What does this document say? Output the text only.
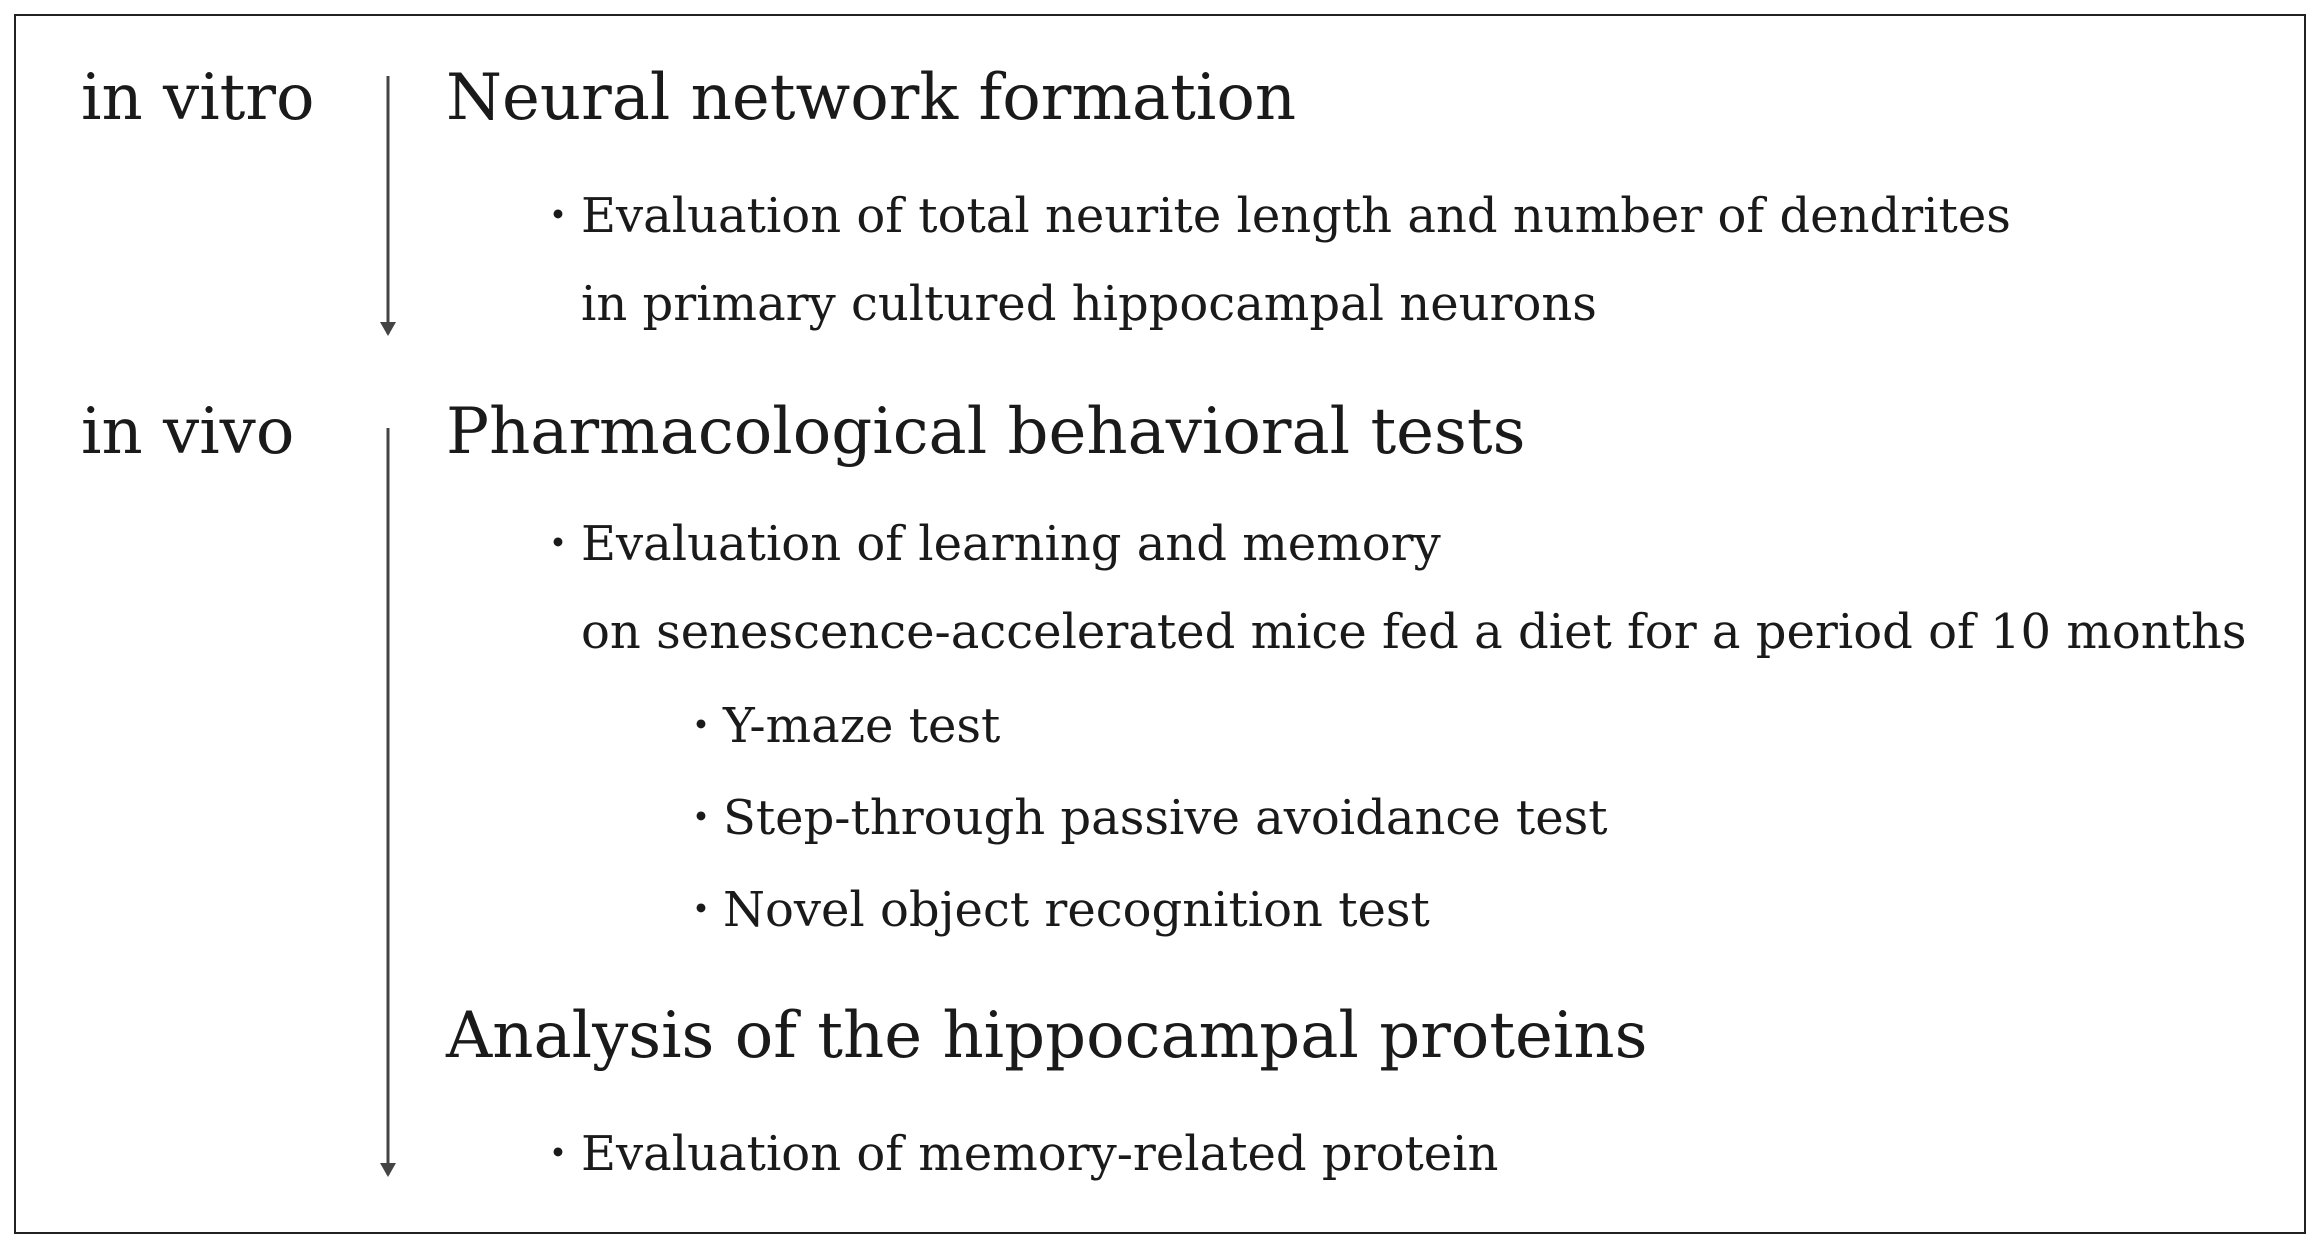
in vitro Neural network formation
・
Evaluation of total neurite length and number of dendrites
in primary cultured hippocampal neurons
in vivo Pharmacological behavioral tests
・
Evaluation of learning and memory
on senescence-accelerated mice fed a diet for a period of 10 months
・
Y-maze test
・
Step-through passive avoidance test
・
Novel object recognition test
Analysis of the hippocampal proteins
・
Evaluation of memory-related protein
